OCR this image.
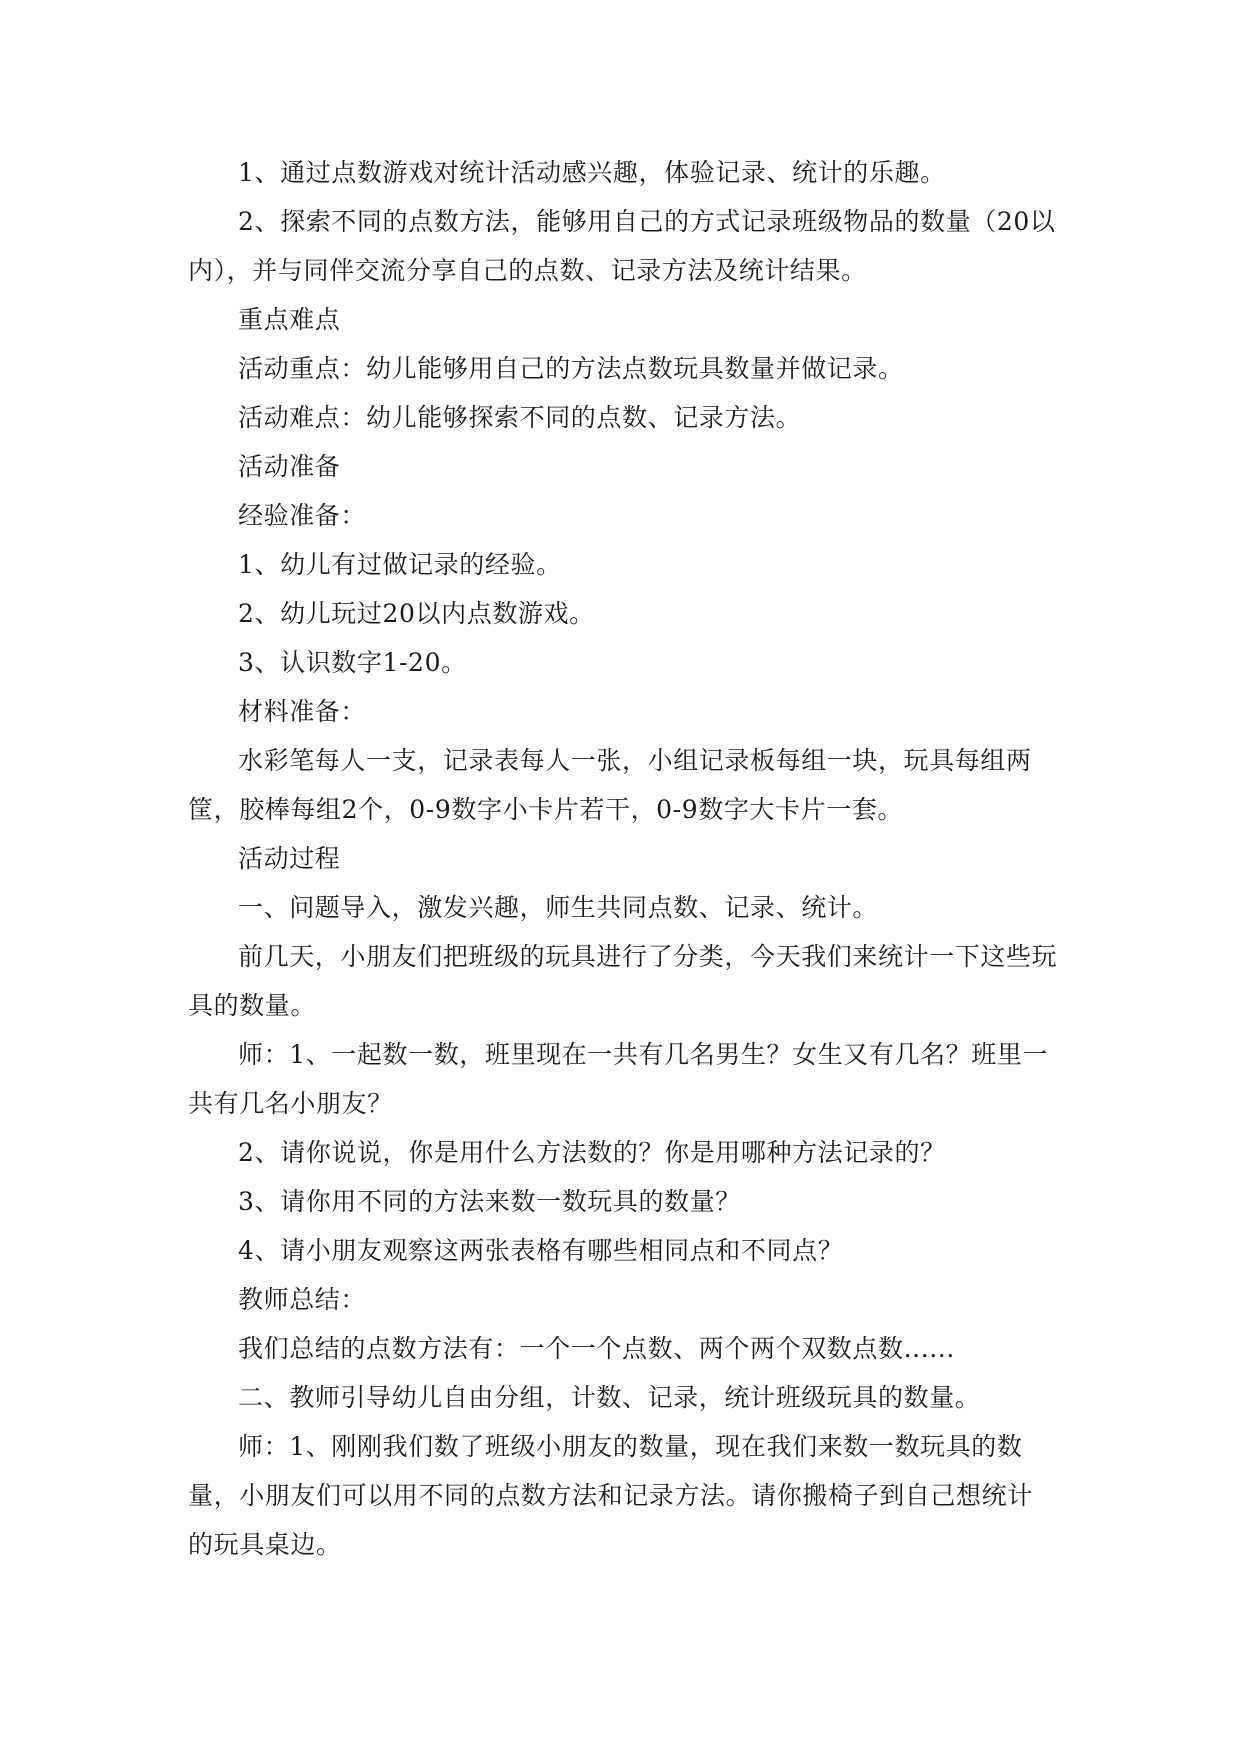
1、通过点数游戏对统计活动感兴趣，体验记录、统计的乐趣。

2、探索不同的点数方法，能够用自己的方式记录班级物品的数量（20以内），并与同伴交流分享自己的点数、记录方法及统计结果。

重点难点

活动重点：幼儿能够用自己的方法点数玩具数量并做记录。

活动难点：幼儿能够探索不同的点数、记录方法。

活动准备

经验准备：

1、幼儿有过做记录的经验。

2、幼儿玩过20以内点数游戏。

3、认识数字1-20。

材料准备：

水彩笔每人一支，记录表每人一张，小组记录板每组一块，玩具每组两筐，胶棒每组2个，0-9数字小卡片若干，0-9数字大卡片一套。

活动过程

一、问题导入，激发兴趣，师生共同点数、记录、统计。

前几天，小朋友们把班级的玩具进行了分类，今天我们来统计一下这些玩具的数量。

师：1、一起数一数，班里现在一共有几名男生？女生又有几名？班里一共有几名小朋友？

2、请你说说，你是用什么方法数的？你是用哪种方法记录的？

3、请你用不同的方法来数一数玩具的数量？

4、请小朋友观察这两张表格有哪些相同点和不同点？

教师总结：

我们总结的点数方法有：一个一个点数、两个两个双数点数......

二、教师引导幼儿自由分组，计数、记录，统计班级玩具的数量。

师：1、刚刚我们数了班级小朋友的数量，现在我们来数一数玩具的数量，小朋友们可以用不同的点数方法和记录方法。请你搬椅子到自己想统计的玩具桌边。
